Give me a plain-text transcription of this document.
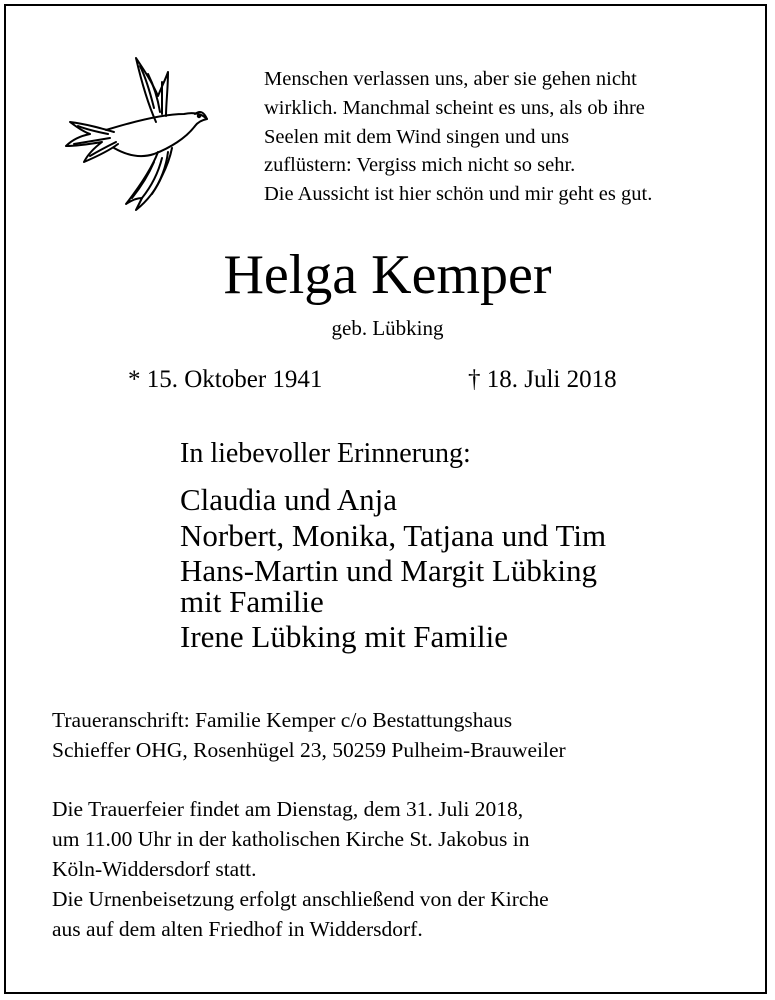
Menschen verlassen uns, aber sie gehen nicht
wirklich. Manchmal scheint es uns, als ob ihre
Seelen mit dem Wind singen und uns
zuflüstern: Vergiss mich nicht so sehr.
Die Aussicht ist hier schön und mir geht es gut.
Helga Kemper
geb. Lübking
* 15. Oktober 1941	† 18. Juli 2018
In liebevoller Erinnerung:
Claudia und Anja
Norbert, Monika, Tatjana und Tim
Hans-Martin und Margit Lübking
mit Familie
Irene Lübking mit Familie
Traueranschrift: Familie Kemper c/o Bestattungshaus
Schieffer OHG, Rosenhügel 23, 50259 Pulheim-Brauweiler
Die Trauerfeier findet am Dienstag, dem 31. Juli 2018,
um 11.00 Uhr in der katholischen Kirche St. Jakobus in
Köln-Widdersdorf statt.
Die Urnenbeisetzung erfolgt anschließend von der Kirche
aus auf dem alten Friedhof in Widdersdorf.
